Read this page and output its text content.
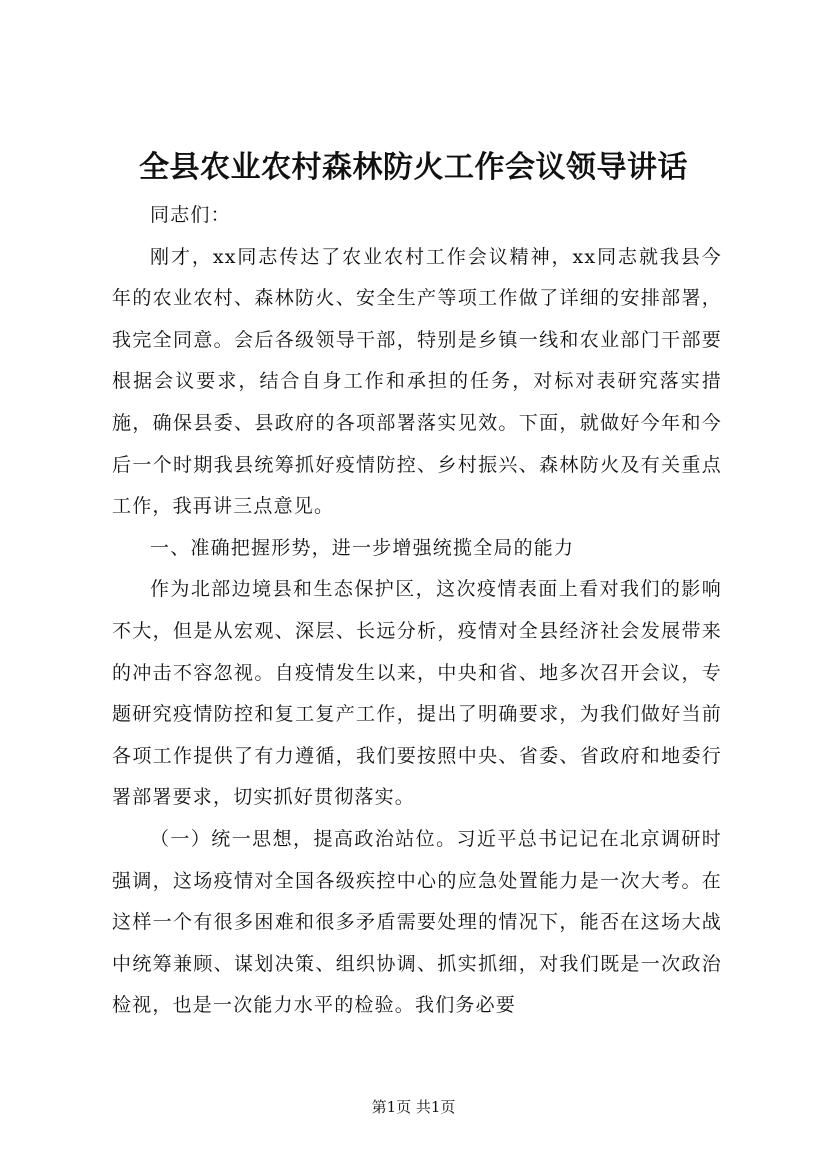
全县农业农村森林防火工作会议领导讲话

同志们：

刚才，xx同志传达了农业农村工作会议精神，xx同志就我县今年的农业农村、森林防火、安全生产等项工作做了详细的安排部署，我完全同意。会后各级领导干部，特别是乡镇一线和农业部门干部要根据会议要求，结合自身工作和承担的任务，对标对表研究落实措施，确保县委、县政府的各项部署落实见效。下面，就做好今年和今后一个时期我县统筹抓好疫情防控、乡村振兴、森林防火及有关重点工作，我再讲三点意见。

一、准确把握形势，进一步增强统揽全局的能力

作为北部边境县和生态保护区，这次疫情表面上看对我们的影响不大，但是从宏观、深层、长远分析，疫情对全县经济社会发展带来的冲击不容忽视。自疫情发生以来，中央和省、地多次召开会议，专题研究疫情防控和复工复产工作，提出了明确要求，为我们做好当前各项工作提供了有力遵循，我们要按照中央、省委、省政府和地委行署部署要求，切实抓好贯彻落实。

（一）统一思想，提高政治站位。习近平总书记记在北京调研时强调，这场疫情对全国各级疾控中心的应急处置能力是一次大考。在这样一个有很多困难和很多矛盾需要处理的情况下，能否在这场大战中统筹兼顾、谋划决策、组织协调、抓实抓细，对我们既是一次政治检视，也是一次能力水平的检验。我们务必要

第1页 共1页
